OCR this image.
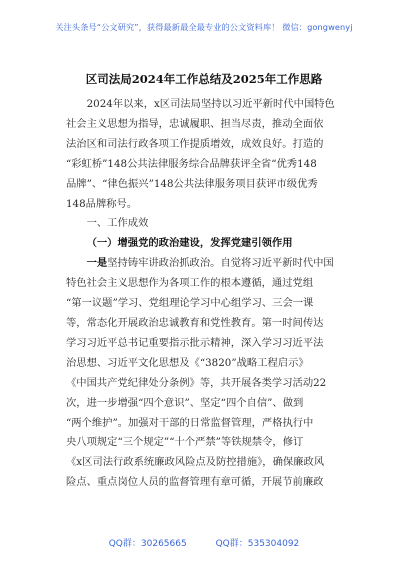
关注头条号“公文研究”，获得最新最全最专业的公文资料库！ 微信：gongwenyj
区司法局2024年工作总结及2025年工作思路

2024年以来，x区司法局坚持以习近平新时代中国特色
社会主义思想为指导，忠诚履职、担当尽责，推动全面依
法治区和司法行政各项工作提质增效，成效良好。打造的
“彩虹桥”148公共法律服务综合品牌获评全省“优秀148
品牌”、“律色振兴”148公共法律服务项目获评市级优秀
148品牌称号。

一、工作成效

（一）增强党的政治建设，发挥党建引领作用

一是坚持铸牢讲政治抓政治。自觉将习近平新时代中国
特色社会主义思想作为各项工作的根本遵循，通过党组
“第一议题”学习、党组理论学习中心组学习、三会一课
等，常态化开展政治忠诚教育和党性教育。第一时间传达
学习习近平总书记重要指示批示精神，深入学习习近平法
治思想、习近平文化思想及《“3820”战略工程启示》
《中国共产党纪律处分条例》等，共开展各类学习活动22
次，进一步增强“四个意识”、坚定“四个自信”、做到
“两个维护”。加强对干部的日常监督管理，严格执行中
央八项规定“三个规定”“十个严禁”等铁规禁令，修订
《x区司法行政系统廉政风险点及防控措施》，确保廉政风
险点、重点岗位人员的监督管理有章可循，开展节前廉政

QQ群：30265665	QQ群：535304092
